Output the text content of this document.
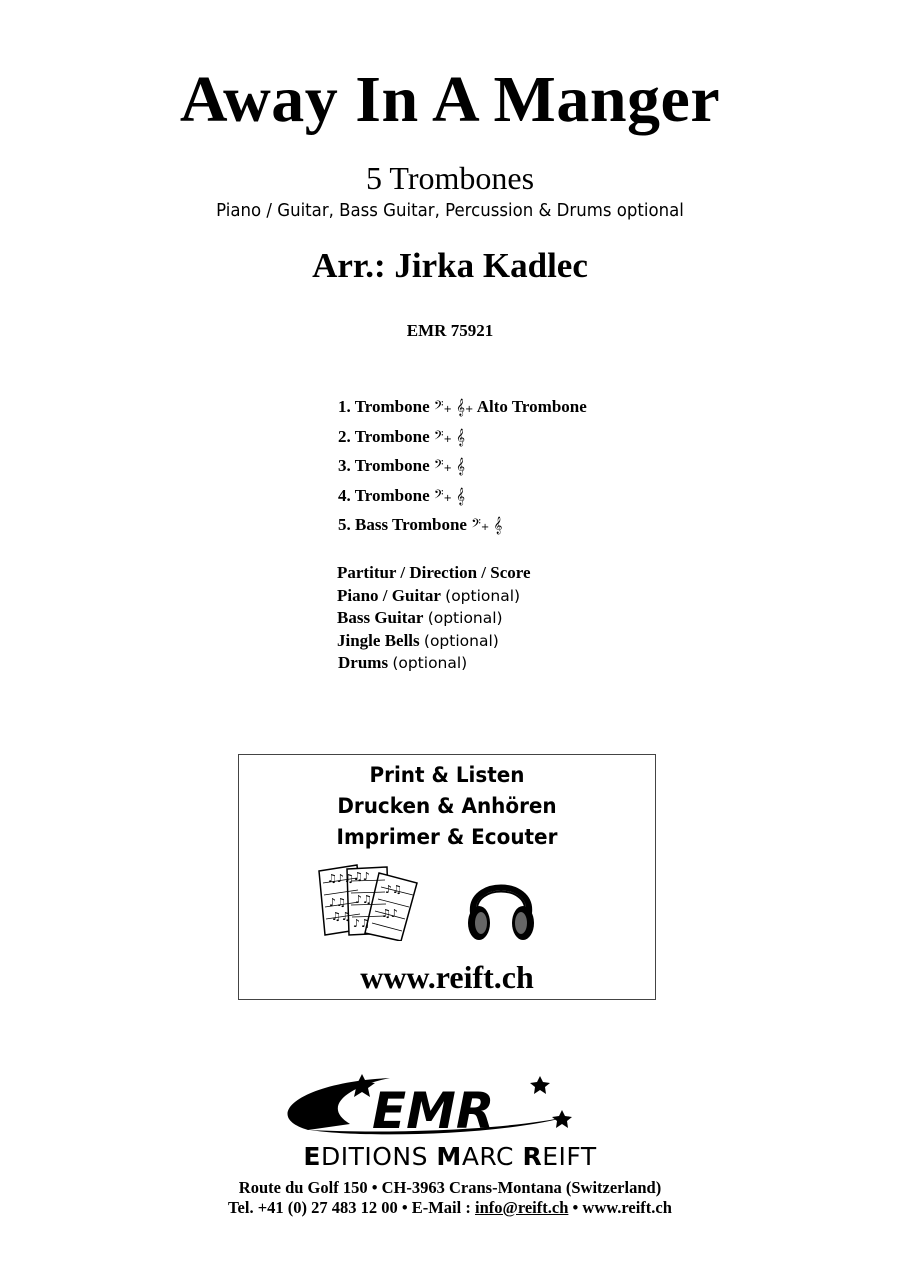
Away In A Manger
5 Trombones
Piano / Guitar, Bass Guitar, Percussion & Drums optional
Arr.: Jirka Kadlec
EMR 75921
1. Trombone 𝄢+ 𝄞+ Alto Trombone
2. Trombone 𝄢+ 𝄞
3. Trombone 𝄢+ 𝄞
4. Trombone 𝄢+ 𝄞
5. Bass Trombone 𝄢+ 𝄞
Partitur / Direction / Score
Piano / Guitar (optional)
Bass Guitar (optional)
Jingle Bells (optional)
Drums (optional)
Print & Listen
Drucken & Anhören
Imprimer & Ecouter
♫♪♫
♪♫
♫♫
♫♪
♪♫
♪♫
♪♫
♫♪
www.reift.ch
EMR
EDITIONS MARC REIFT
Route du Golf 150 • CH-3963 Crans-Montana (Switzerland)
Tel. +41 (0) 27 483 12 00 • E-Mail : info@reift.ch • www.reift.ch
